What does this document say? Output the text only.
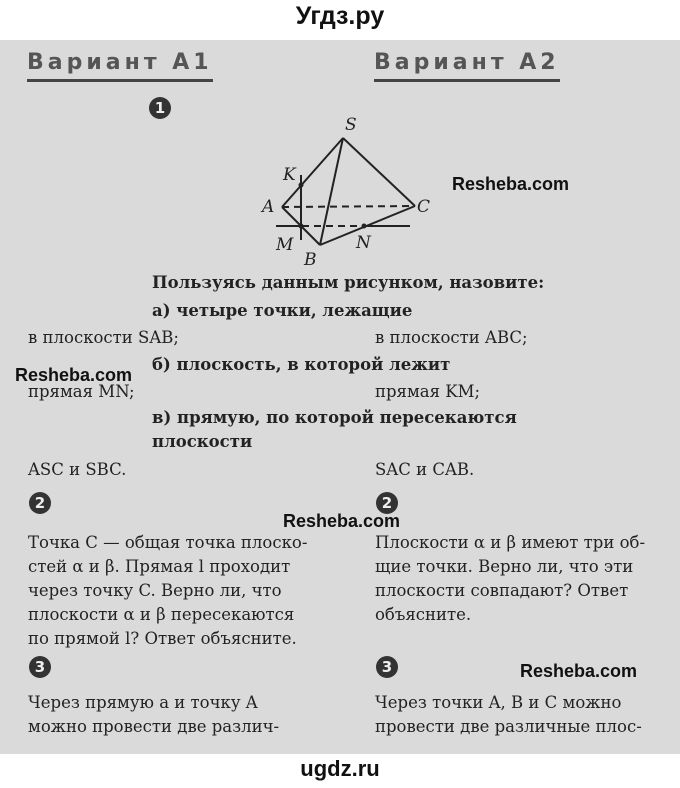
Угдз.ру
Вариант А1	Вариант А2
1
S
K
A	C
M	N
B
Resheba.com
Пользуясь данным рисунком, назовите:
а) четыре точки, лежащие
в плоскости SAB;	в плоскости ABC;
б) плоскость, в которой лежит
Resheba.com
прямая MN;	прямая KM;
в) прямую, по которой пересекаются
плоскости
ASC и SBC.	SAC и CAB.
2	2
Resheba.com
Точка C — общая точка плоско-
стей α и β. Прямая l проходит
через точку C. Верно ли, что
плоскости α и β пересекаются
по прямой l? Ответ объясните.
Плоскости α и β имеют три об-
щие точки. Верно ли, что эти
плоскости совпадают? Ответ
объясните.
3	3	Resheba.com
Через прямую a и точку A
можно провести две различ-
Через точки A, B и C можно
провести две различные плос-
ugdz.ru
